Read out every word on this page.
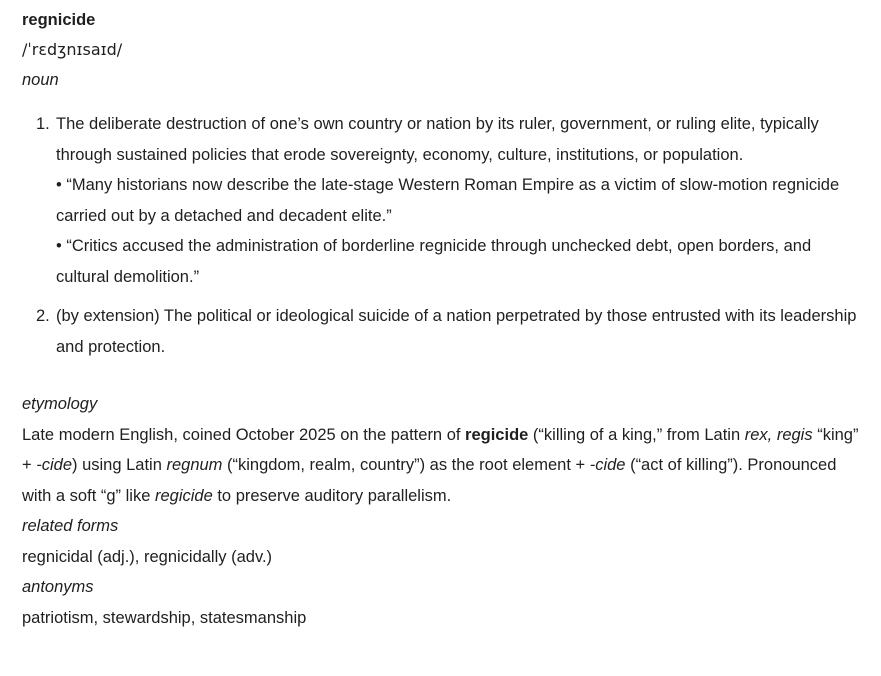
regnicide
/ˈrɛdʒnɪsaɪd/
noun
1. The deliberate destruction of one’s own country or nation by its ruler, government, or ruling elite, typically through sustained policies that erode sovereignty, economy, culture, institutions, or population.
• “Many historians now describe the late-stage Western Roman Empire as a victim of slow-motion regnicide carried out by a detached and decadent elite.”
• “Critics accused the administration of borderline regnicide through unchecked debt, open borders, and cultural demolition.”
2. (by extension) The political or ideological suicide of a nation perpetrated by those entrusted with its leadership and protection.
etymology
Late modern English, coined October 2025 on the pattern of regicide (“killing of a king,” from Latin rex, regis “king” + -cide) using Latin regnum (“kingdom, realm, country”) as the root element + -cide (“act of killing”). Pronounced with a soft “g” like regicide to preserve auditory parallelism.
related forms
regnicidal (adj.), regnicidally (adv.)
antonyms
patriotism, stewardship, statesmanship
